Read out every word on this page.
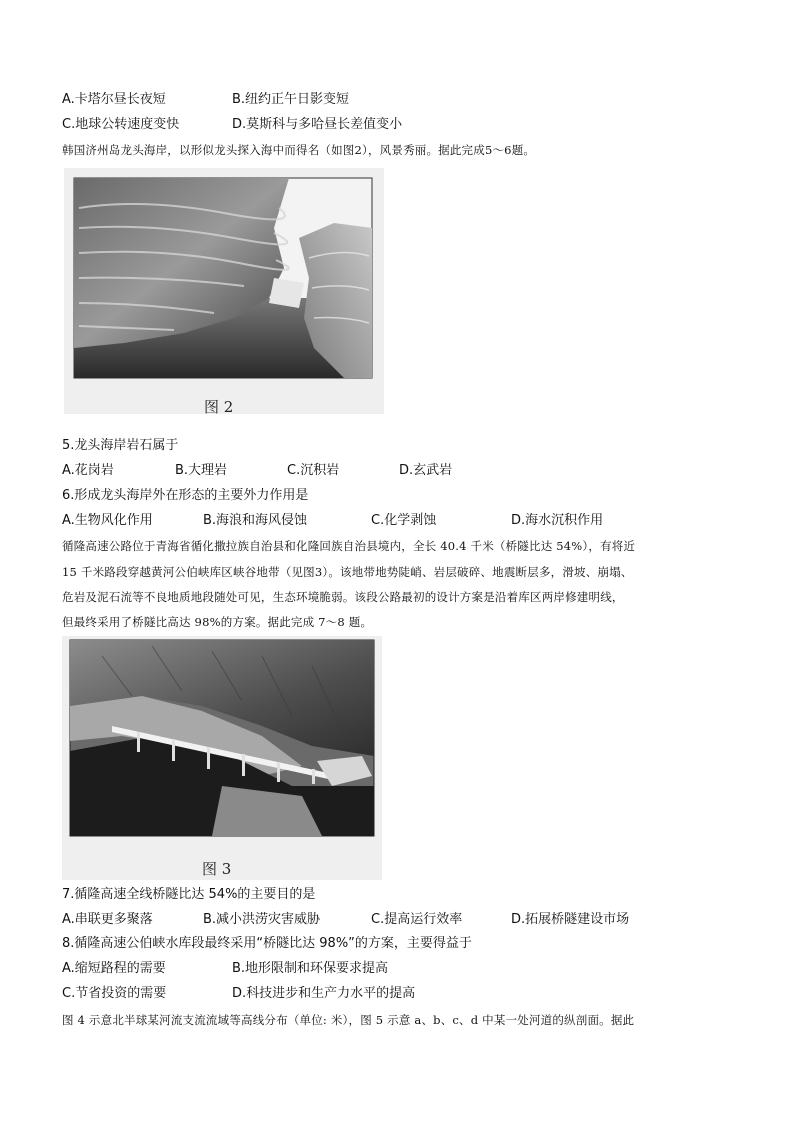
A.卡塔尔昼长夜短	B.纽约正午日影变短
C.地球公转速度变快	D.莫斯科与多哈昼长差值变小
韩国济州岛龙头海岸，以形似龙头探入海中而得名（如图2），风景秀丽。据此完成5～6题。
图 2
5.龙头海岸岩石属于
A.花岗岩	B.大理岩	C.沉积岩	D.玄武岩
6.形成龙头海岸外在形态的主要外力作用是
A.生物风化作用	B.海浪和海风侵蚀	C.化学剥蚀	D.海水沉积作用
循隆高速公路位于青海省循化撒拉族自治县和化隆回族自治县境内，全长 40.4 千米（桥隧比达 54%），有将近
15 千米路段穿越黄河公伯峡库区峡谷地带（见图3）。该地带地势陡峭、岩层破碎、地震断层多，滑坡、崩塌、
危岩及泥石流等不良地质地段随处可见，生态环境脆弱。该段公路最初的设计方案是沿着库区两岸修建明线，
但最终采用了桥隧比高达 98%的方案。据此完成 7～8 题。
图 3
7.循隆高速全线桥隧比达 54%的主要目的是
A.串联更多聚落	B.减小洪涝灾害威胁	C.提高运行效率	D.拓展桥隧建设市场
8.循隆高速公伯峡水库段最终采用“桥隧比达 98%”的方案，主要得益于
A.缩短路程的需要	B.地形限制和环保要求提高
C.节省投资的需要	D.科技进步和生产力水平的提高
图 4 示意北半球某河流支流流域等高线分布（单位: 米），图 5 示意 a、b、c、d 中某一处河道的纵剖面。据此
